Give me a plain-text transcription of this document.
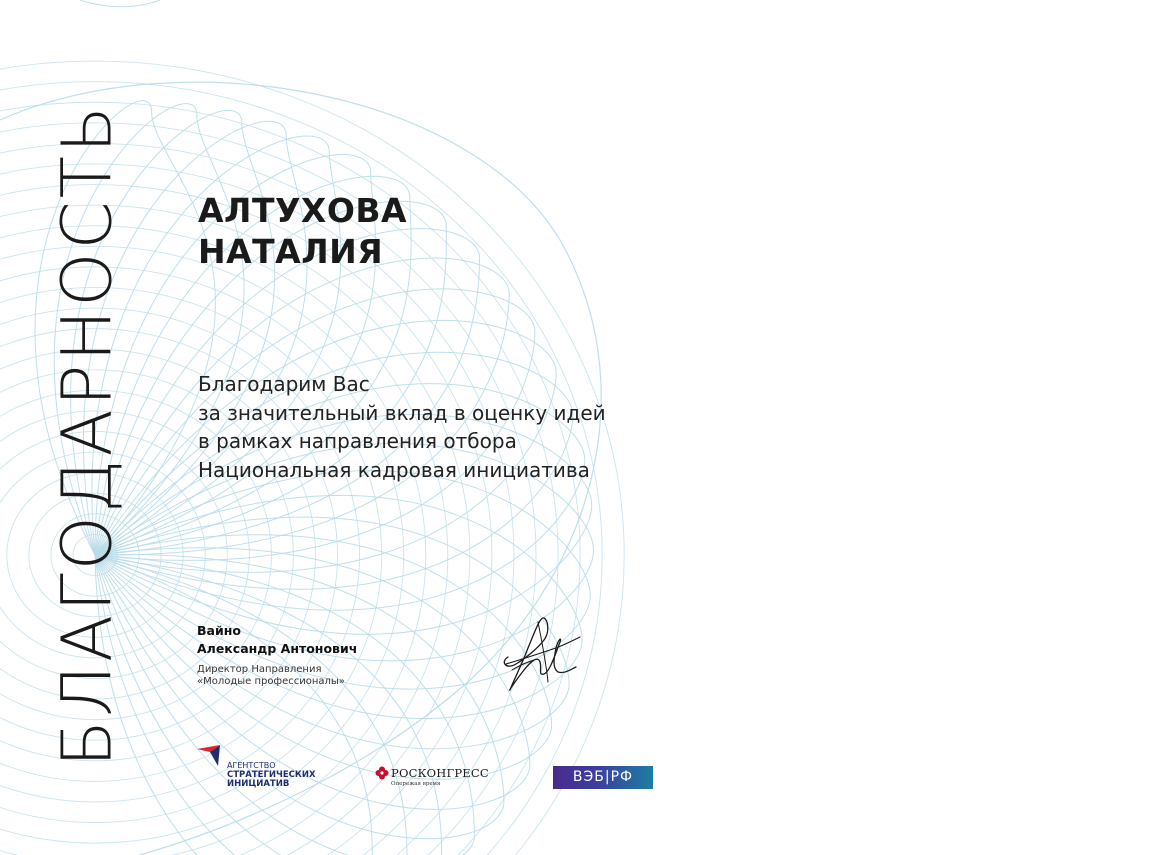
БЛАГОДАРНОСТЬ АЛТУХОВА
НАТАЛИЯ
Благодарим Вас
за значительный вклад в оценку идей
в рамках направления отбора
Национальная кадровая инициатива
Вайно
Александр Антонович
Директор Направления
«Молодые профессионалы»
АГЕНТСТВО
СТРАТЕГИЧЕСКИХ
ИНИЦИАТИВ
РОСКОНГРЕСС
Опережая время	ВЭБ|РФ
